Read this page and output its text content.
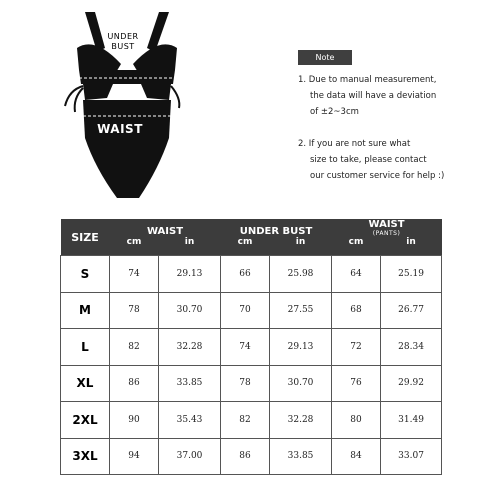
UNDER
BUST
WAIST
Note
1. Due to manual measurement,
the data will have a deviation
of ±2~3cm
2. If you are not sure what
size to take, please contact
our customer service for help :)
SIZE	WAIST		UNDER BUST		WAIST
(PANTS)	

	cm	in	cm	in	cm	in
S	74	29.13	66	25.98	64	25.19
M	78	30.70	70	27.55	68	26.77
L	82	32.28	74	29.13	72	28.34
XL	86	33.85	78	30.70	76	29.92
2XL	90	35.43	82	32.28	80	31.49
3XL	94	37.00	86	33.85	84	33.07
